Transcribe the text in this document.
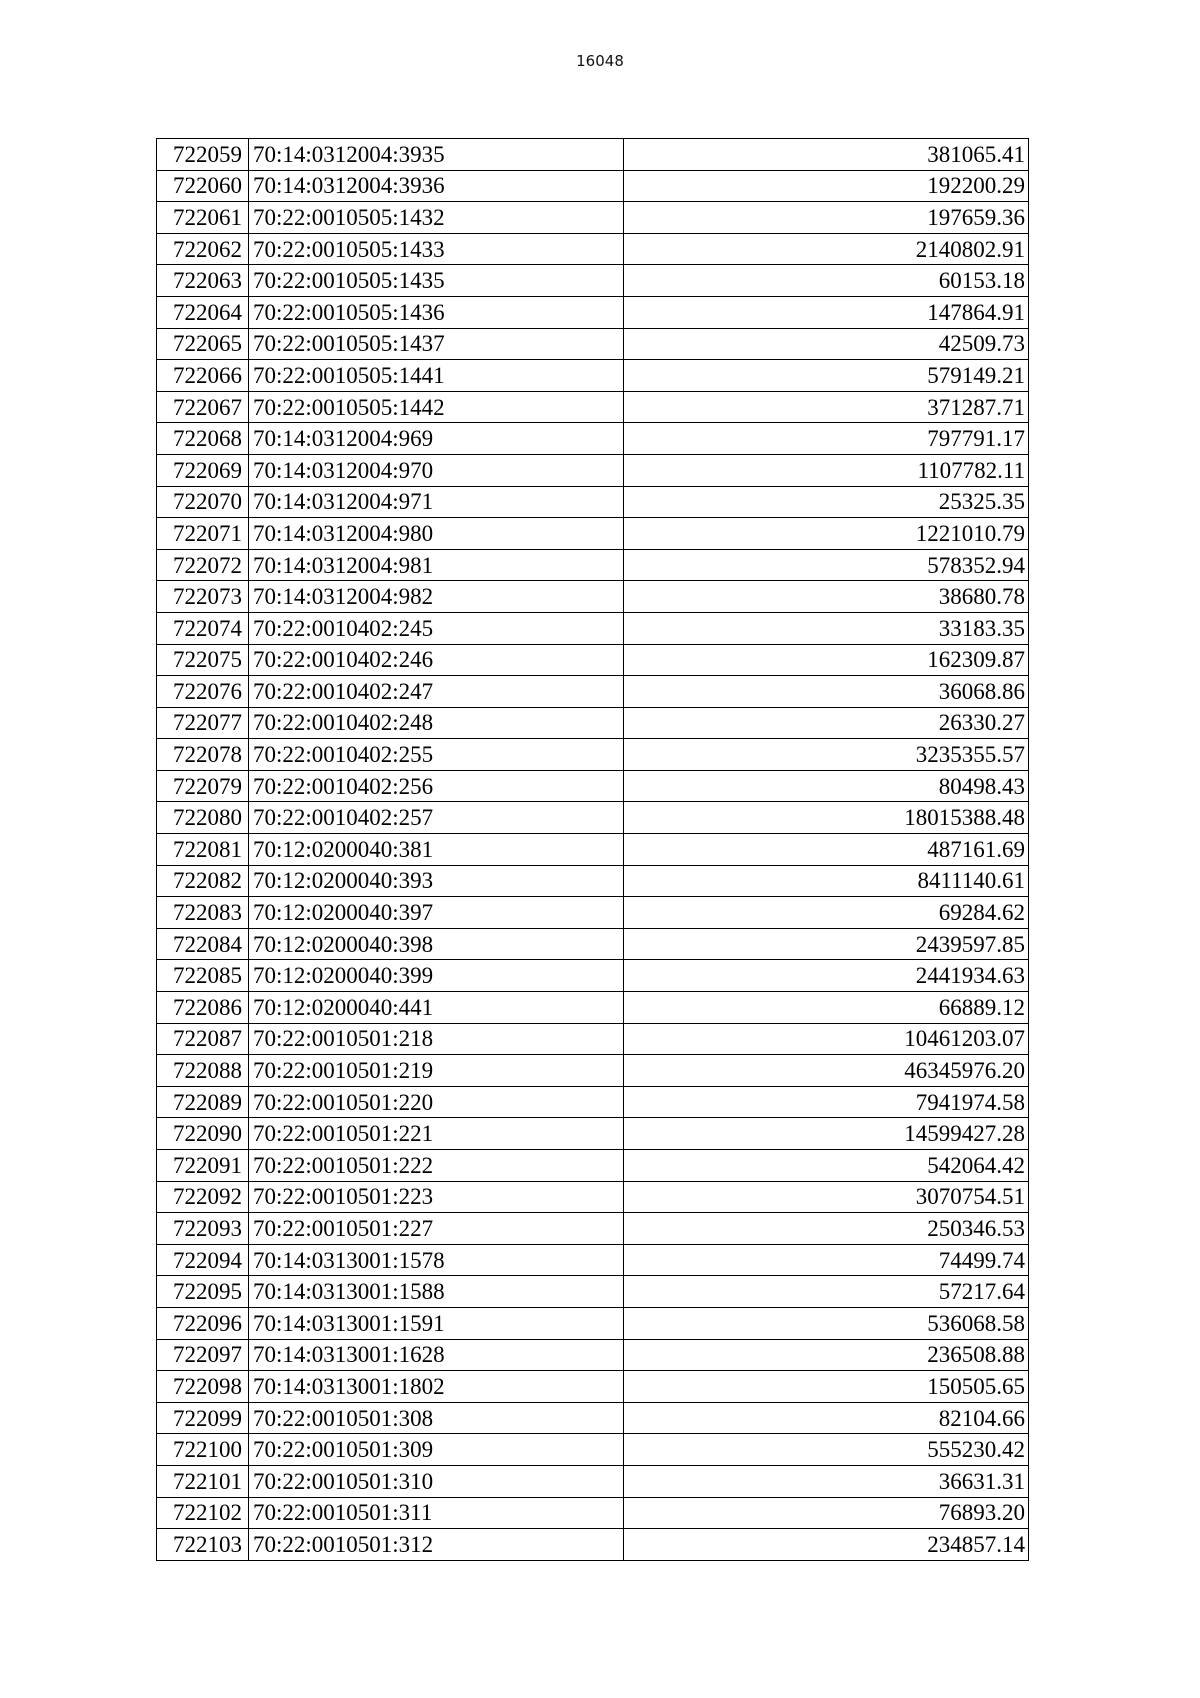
16048
722059	70:14:0312004:3935	381065.41
722060	70:14:0312004:3936	192200.29
722061	70:22:0010505:1432	197659.36
722062	70:22:0010505:1433	2140802.91
722063	70:22:0010505:1435	60153.18
722064	70:22:0010505:1436	147864.91
722065	70:22:0010505:1437	42509.73
722066	70:22:0010505:1441	579149.21
722067	70:22:0010505:1442	371287.71
722068	70:14:0312004:969	797791.17
722069	70:14:0312004:970	1107782.11
722070	70:14:0312004:971	25325.35
722071	70:14:0312004:980	1221010.79
722072	70:14:0312004:981	578352.94
722073	70:14:0312004:982	38680.78
722074	70:22:0010402:245	33183.35
722075	70:22:0010402:246	162309.87
722076	70:22:0010402:247	36068.86
722077	70:22:0010402:248	26330.27
722078	70:22:0010402:255	3235355.57
722079	70:22:0010402:256	80498.43
722080	70:22:0010402:257	18015388.48
722081	70:12:0200040:381	487161.69
722082	70:12:0200040:393	8411140.61
722083	70:12:0200040:397	69284.62
722084	70:12:0200040:398	2439597.85
722085	70:12:0200040:399	2441934.63
722086	70:12:0200040:441	66889.12
722087	70:22:0010501:218	10461203.07
722088	70:22:0010501:219	46345976.20
722089	70:22:0010501:220	7941974.58
722090	70:22:0010501:221	14599427.28
722091	70:22:0010501:222	542064.42
722092	70:22:0010501:223	3070754.51
722093	70:22:0010501:227	250346.53
722094	70:14:0313001:1578	74499.74
722095	70:14:0313001:1588	57217.64
722096	70:14:0313001:1591	536068.58
722097	70:14:0313001:1628	236508.88
722098	70:14:0313001:1802	150505.65
722099	70:22:0010501:308	82104.66
722100	70:22:0010501:309	555230.42
722101	70:22:0010501:310	36631.31
722102	70:22:0010501:311	76893.20
722103	70:22:0010501:312	234857.14
